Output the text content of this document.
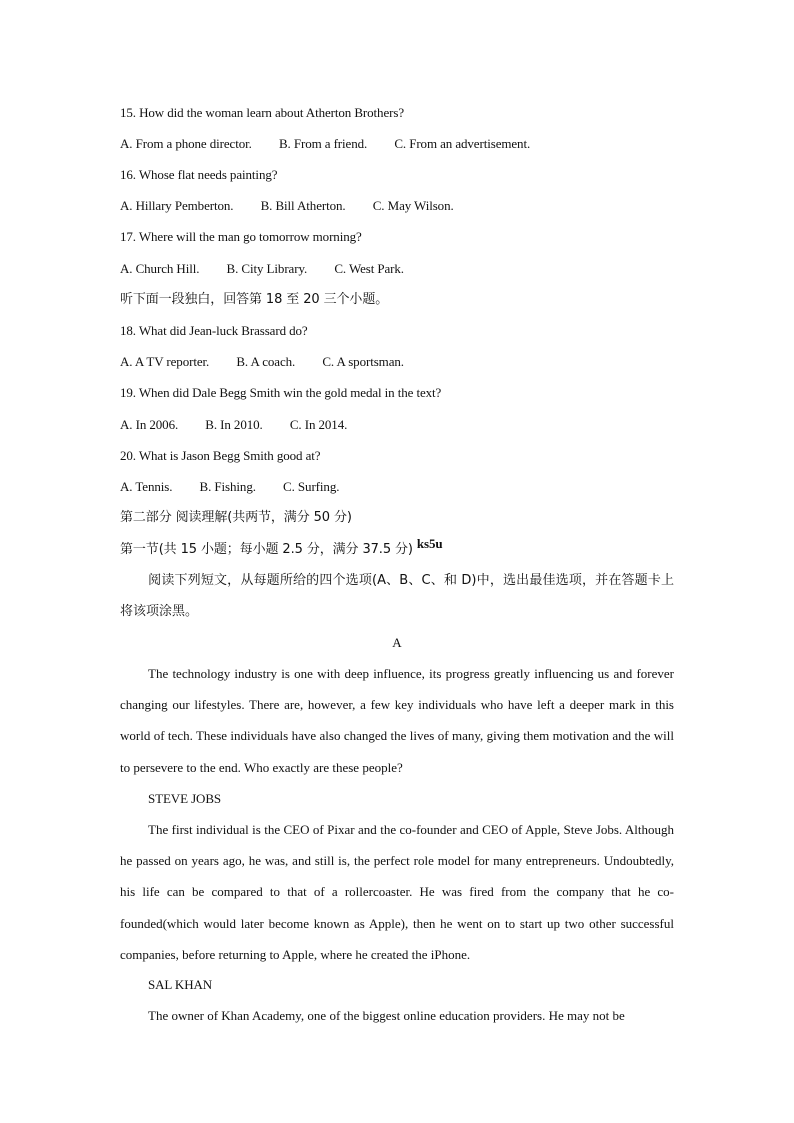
15. How did the woman learn about Atherton Brothers?
A. From a phone director. B. From a friend. C. From an advertisement.
16. Whose flat needs painting?
A. Hillary Pemberton. B. Bill Atherton. C. May Wilson.
17. Where will the man go tomorrow morning?
A. Church Hill. B. City Library. C. West Park.
听下面一段独白，回答第 18 至 20 三个小题。
18. What did Jean-luck Brassard do?
A. A TV reporter. B. A coach. C. A sportsman.
19. When did Dale Begg Smith win the gold medal in the text?
A. In 2006. B. In 2010. C. In 2014.
20. What is Jason Begg Smith good at?
A. Tennis. B. Fishing. C. Surfing.
第二部分 阅读理解(共两节，满分 50 分)
第一节(共 15 小题；每小题 2.5 分，满分 37.5 分) ks5u
阅读下列短文，从每题所给的四个选项(A、B、C、和 D)中，选出最佳选项，并在答题卡上将该项涂黑。
A
The technology industry is one with deep influence, its progress greatly influencing us and forever changing our lifestyles. There are, however, a few key individuals who have left a deeper mark in this world of tech. These individuals have also changed the lives of many, giving them motivation and the will to persevere to the end. Who exactly are these people?
STEVE JOBS
The first individual is the CEO of Pixar and the co-founder and CEO of Apple, Steve Jobs. Although he passed on years ago, he was, and still is, the perfect role model for many entrepreneurs. Undoubtedly, his life can be compared to that of a rollercoaster. He was fired from the company that he co-founded(which would later become known as Apple), then he went on to start up two other successful companies, before returning to Apple, where he created the iPhone.
SAL KHAN
The owner of Khan Academy, one of the biggest online education providers. He may not be
